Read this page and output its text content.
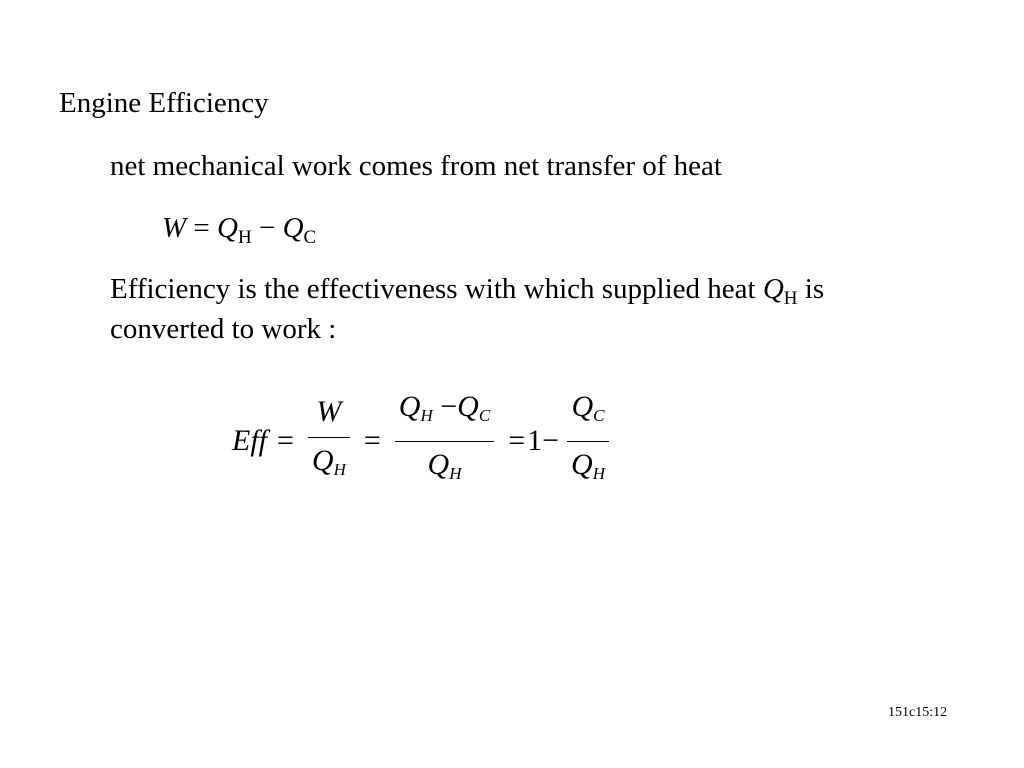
Engine Efficiency
net mechanical work comes from net transfer of heat
$W = Q_H - Q_C$
Efficiency is the effectiveness with which supplied heat $Q_H$ is
converted to work :
Eff = $\frac{W}{QH} = \frac{QH -QC}{QH} = 1 - \frac{QC}{QH}$
151c15:12
